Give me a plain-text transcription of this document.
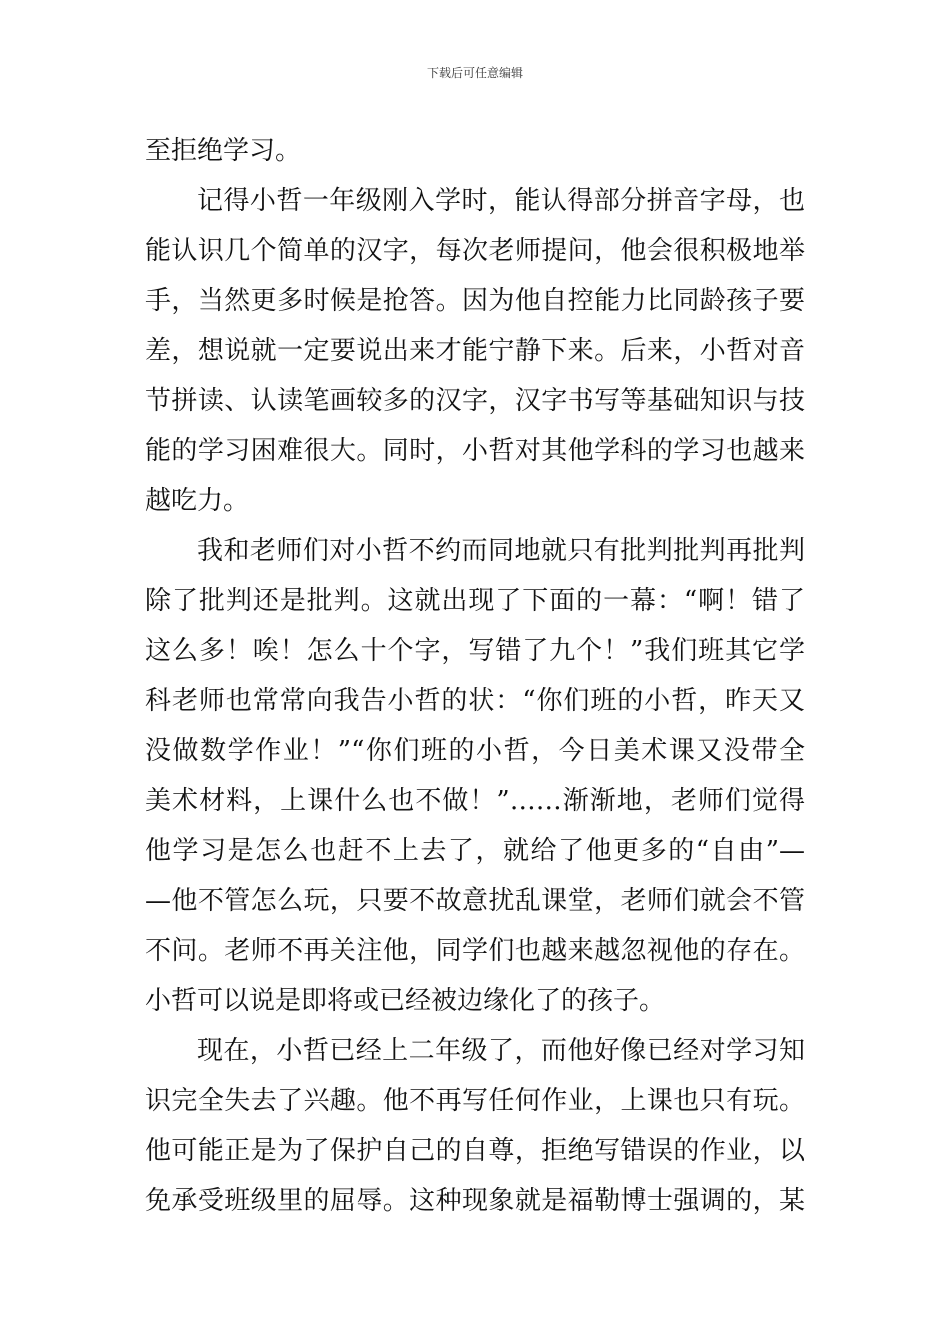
下载后可任意编辑
至拒绝学习。
记得小哲一年级刚入学时，能认得部分拼音字母，也
能认识几个简单的汉字，每次老师提问，他会很积极地举
手，当然更多时候是抢答。因为他自控能力比同龄孩子要
差，想说就一定要说出来才能宁静下来。后来，小哲对音
节拼读、认读笔画较多的汉字，汉字书写等基础知识与技
能的学习困难很大。同时，小哲对其他学科的学习也越来
越吃力。
我和老师们对小哲不约而同地就只有批判批判再批判
除了批判还是批判。这就出现了下面的一幕：“啊！错了
这么多！唉！怎么十个字，写错了九个！”我们班其它学
科老师也常常向我告小哲的状：“你们班的小哲，昨天又
没做数学作业！”“你们班的小哲，今日美术课又没带全
美术材料，上课什么也不做！”……渐渐地，老师们觉得
他学习是怎么也赶不上去了，就给了他更多的“自由”—
—他不管怎么玩，只要不故意扰乱课堂，老师们就会不管
不问。老师不再关注他，同学们也越来越忽视他的存在。
小哲可以说是即将或已经被边缘化了的孩子。
现在，小哲已经上二年级了，而他好像已经对学习知
识完全失去了兴趣。他不再写任何作业，上课也只有玩。
他可能正是为了保护自己的自尊，拒绝写错误的作业，以
免承受班级里的屈辱。这种现象就是福勒博士强调的，某
